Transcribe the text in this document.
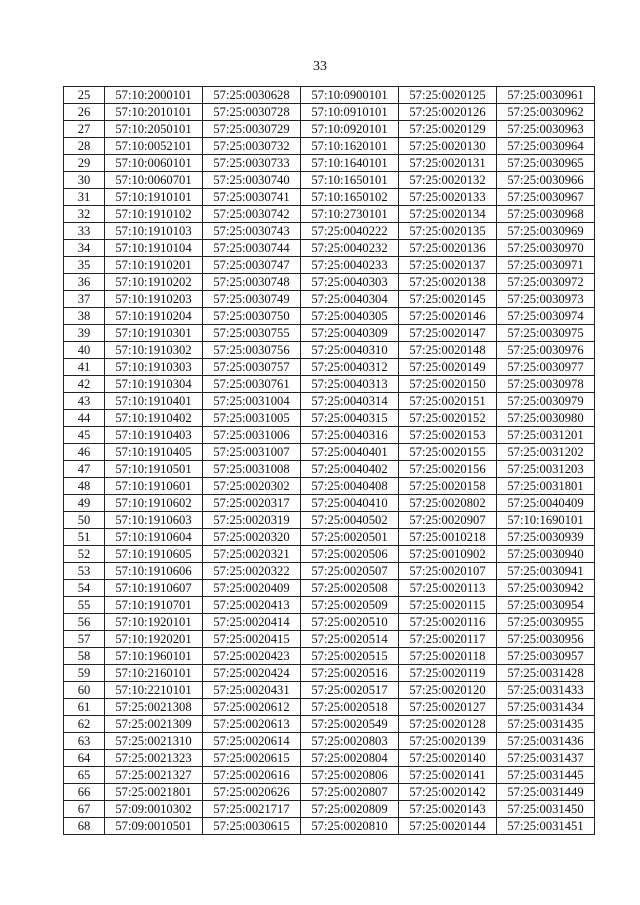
33
25	57:10:2000101	57:25:0030628	57:10:0900101	57:25:0020125	57:25:0030961
26	57:10:2010101	57:25:0030728	57:10:0910101	57:25:0020126	57:25:0030962
27	57:10:2050101	57:25:0030729	57:10:0920101	57:25:0020129	57:25:0030963
28	57:10:0052101	57:25:0030732	57:10:1620101	57:25:0020130	57:25:0030964
29	57:10:0060101	57:25:0030733	57:10:1640101	57:25:0020131	57:25:0030965
30	57:10:0060701	57:25:0030740	57:10:1650101	57:25:0020132	57:25:0030966
31	57:10:1910101	57:25:0030741	57:10:1650102	57:25:0020133	57:25:0030967
32	57:10:1910102	57:25:0030742	57:10:2730101	57:25:0020134	57:25:0030968
33	57:10:1910103	57:25:0030743	57:25:0040222	57:25:0020135	57:25:0030969
34	57:10:1910104	57:25:0030744	57:25:0040232	57:25:0020136	57:25:0030970
35	57:10:1910201	57:25:0030747	57:25:0040233	57:25:0020137	57:25:0030971
36	57:10:1910202	57:25:0030748	57:25:0040303	57:25:0020138	57:25:0030972
37	57:10:1910203	57:25:0030749	57:25:0040304	57:25:0020145	57:25:0030973
38	57:10:1910204	57:25:0030750	57:25:0040305	57:25:0020146	57:25:0030974
39	57:10:1910301	57:25:0030755	57:25:0040309	57:25:0020147	57:25:0030975
40	57:10:1910302	57:25:0030756	57:25:0040310	57:25:0020148	57:25:0030976
41	57:10:1910303	57:25:0030757	57:25:0040312	57:25:0020149	57:25:0030977
42	57:10:1910304	57:25:0030761	57:25:0040313	57:25:0020150	57:25:0030978
43	57:10:1910401	57:25:0031004	57:25:0040314	57:25:0020151	57:25:0030979
44	57:10:1910402	57:25:0031005	57:25:0040315	57:25:0020152	57:25:0030980
45	57:10:1910403	57:25:0031006	57:25:0040316	57:25:0020153	57:25:0031201
46	57:10:1910405	57:25:0031007	57:25:0040401	57:25:0020155	57:25:0031202
47	57:10:1910501	57:25:0031008	57:25:0040402	57:25:0020156	57:25:0031203
48	57:10:1910601	57:25:0020302	57:25:0040408	57:25:0020158	57:25:0031801
49	57:10:1910602	57:25:0020317	57:25:0040410	57:25:0020802	57:25:0040409
50	57:10:1910603	57:25:0020319	57:25:0040502	57:25:0020907	57:10:1690101
51	57:10:1910604	57:25:0020320	57:25:0020501	57:25:0010218	57:25:0030939
52	57:10:1910605	57:25:0020321	57:25:0020506	57:25:0010902	57:25:0030940
53	57:10:1910606	57:25:0020322	57:25:0020507	57:25:0020107	57:25:0030941
54	57:10:1910607	57:25:0020409	57:25:0020508	57:25:0020113	57:25:0030942
55	57:10:1910701	57:25:0020413	57:25:0020509	57:25:0020115	57:25:0030954
56	57:10:1920101	57:25:0020414	57:25:0020510	57:25:0020116	57:25:0030955
57	57:10:1920201	57:25:0020415	57:25:0020514	57:25:0020117	57:25:0030956
58	57:10:1960101	57:25:0020423	57:25:0020515	57:25:0020118	57:25:0030957
59	57:10:2160101	57:25:0020424	57:25:0020516	57:25:0020119	57:25:0031428
60	57:10:2210101	57:25:0020431	57:25:0020517	57:25:0020120	57:25:0031433
61	57:25:0021308	57:25:0020612	57:25:0020518	57:25:0020127	57:25:0031434
62	57:25:0021309	57:25:0020613	57:25:0020549	57:25:0020128	57:25:0031435
63	57:25:0021310	57:25:0020614	57:25:0020803	57:25:0020139	57:25:0031436
64	57:25:0021323	57:25:0020615	57:25:0020804	57:25:0020140	57:25:0031437
65	57:25:0021327	57:25:0020616	57:25:0020806	57:25:0020141	57:25:0031445
66	57:25:0021801	57:25:0020626	57:25:0020807	57:25:0020142	57:25:0031449
67	57:09:0010302	57:25:0021717	57:25:0020809	57:25:0020143	57:25:0031450
68	57:09:0010501	57:25:0030615	57:25:0020810	57:25:0020144	57:25:0031451
